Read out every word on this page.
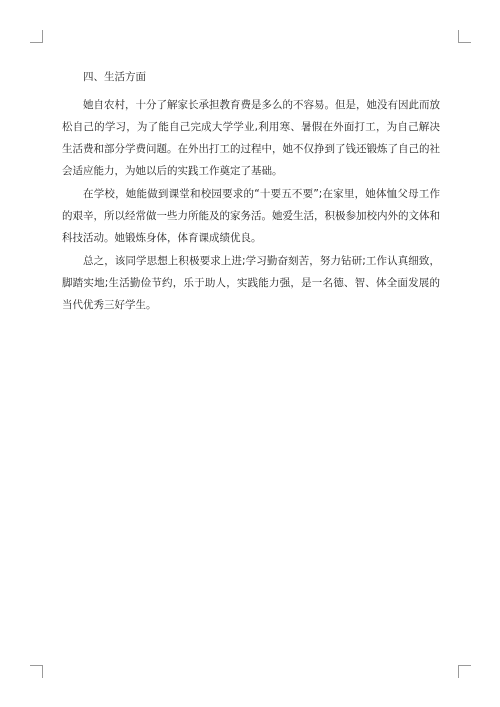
四、生活方面

她自农村，十分了解家长承担教育费是多么的不容易。但是，她没有因此而放松自己的学习，为了能自己完成大学学业,利用寒、暑假在外面打工，为自己解决生活费和部分学费问题。在外出打工的过程中，她不仅挣到了钱还锻炼了自己的社会适应能力，为她以后的实践工作奠定了基础。

在学校，她能做到课堂和校园要求的“十要五不要”;在家里，她体恤父母工作的艰辛，所以经常做一些力所能及的家务活。她爱生活，积极参加校内外的文体和科技活动。她锻炼身体，体育课成绩优良。

总之，该同学思想上积极要求上进;学习勤奋刻苦，努力钻研;工作认真细致，脚踏实地;生活勤俭节约，乐于助人，实践能力强，是一名德、智、体全面发展的当代优秀三好学生。
